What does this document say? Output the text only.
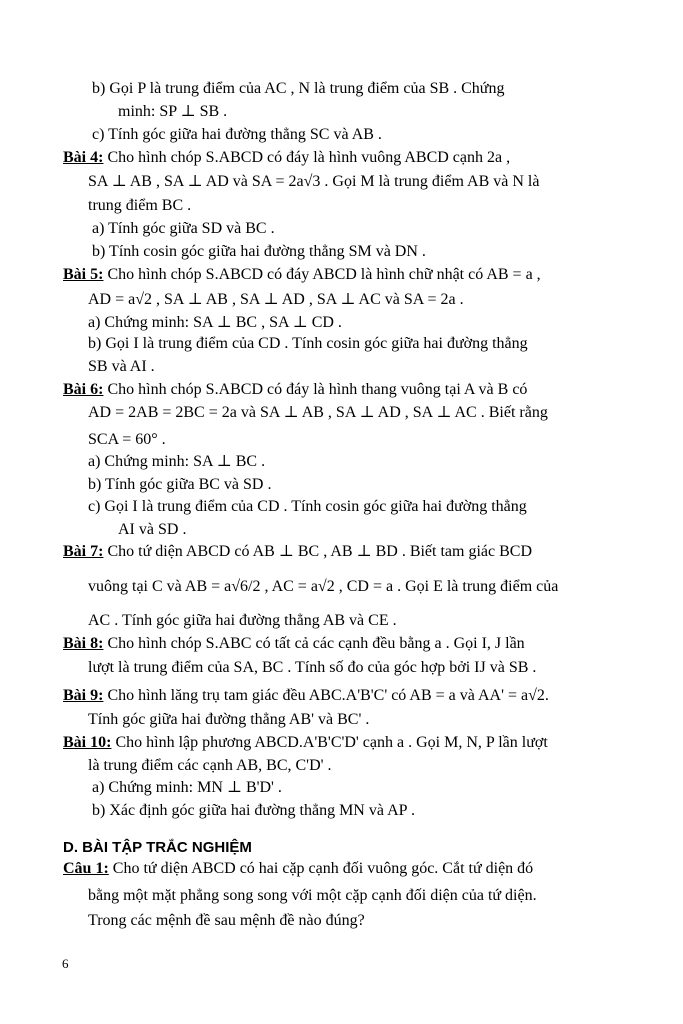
b) Gọi P là trung điểm của AC , N là trung điểm của SB . Chứng
minh: SP ⊥ SB .
c) Tính góc giữa hai đường thẳng SC và AB .
Bài 4: Cho hình chóp S.ABCD có đáy là hình vuông ABCD cạnh 2a ,
SA ⊥ AB , SA ⊥ AD và SA = 2a√3 . Gọi M là trung điểm AB và N là
trung điểm BC .
a) Tính góc giữa SD và BC .
b) Tính cosin góc giữa hai đường thẳng SM và DN .
Bài 5: Cho hình chóp S.ABCD có đáy ABCD là hình chữ nhật có AB = a ,
AD = a√2 , SA ⊥ AB , SA ⊥ AD , SA ⊥ AC và SA = 2a .
a) Chứng minh: SA ⊥ BC , SA ⊥ CD .
b) Gọi I là trung điểm của CD . Tính cosin góc giữa hai đường thẳng
SB và AI .
Bài 6: Cho hình chóp S.ABCD có đáy là hình thang vuông tại A và B có
AD = 2AB = 2BC = 2a và SA ⊥ AB , SA ⊥ AD , SA ⊥ AC . Biết rằng
SCA = 60° .
a) Chứng minh: SA ⊥ BC .
b) Tính góc giữa BC và SD .
c) Gọi I là trung điểm của CD . Tính cosin góc giữa hai đường thẳng
AI và SD .
Bài 7: Cho tứ diện ABCD có AB ⊥ BC , AB ⊥ BD . Biết tam giác BCD
vuông tại C và AB = a√6/2 , AC = a√2 , CD = a . Gọi E là trung điểm của
AC . Tính góc giữa hai đường thẳng AB và CE .
Bài 8: Cho hình chóp S.ABC có tất cả các cạnh đều bằng a . Gọi I, J lần
lượt là trung điểm của SA, BC . Tính số đo của góc hợp bởi IJ và SB .
Bài 9: Cho hình lăng trụ tam giác đều ABC.A'B'C' có AB = a và AA' = a√2.
Tính góc giữa hai đường thẳng AB' và BC' .
Bài 10: Cho hình lập phương ABCD.A'B'C'D' cạnh a . Gọi M, N, P lần lượt
là trung điểm các cạnh AB, BC, C'D' .
a) Chứng minh: MN ⊥ B'D' .
b) Xác định góc giữa hai đường thẳng MN và AP .
D. BÀI TẬP TRẮC NGHIỆM
Câu 1: Cho tứ diện ABCD có hai cặp cạnh đối vuông góc. Cắt tứ diện đó
bằng một mặt phẳng song song với một cặp cạnh đối diện của tứ diện.
Trong các mệnh đề sau mệnh đề nào đúng?
6
